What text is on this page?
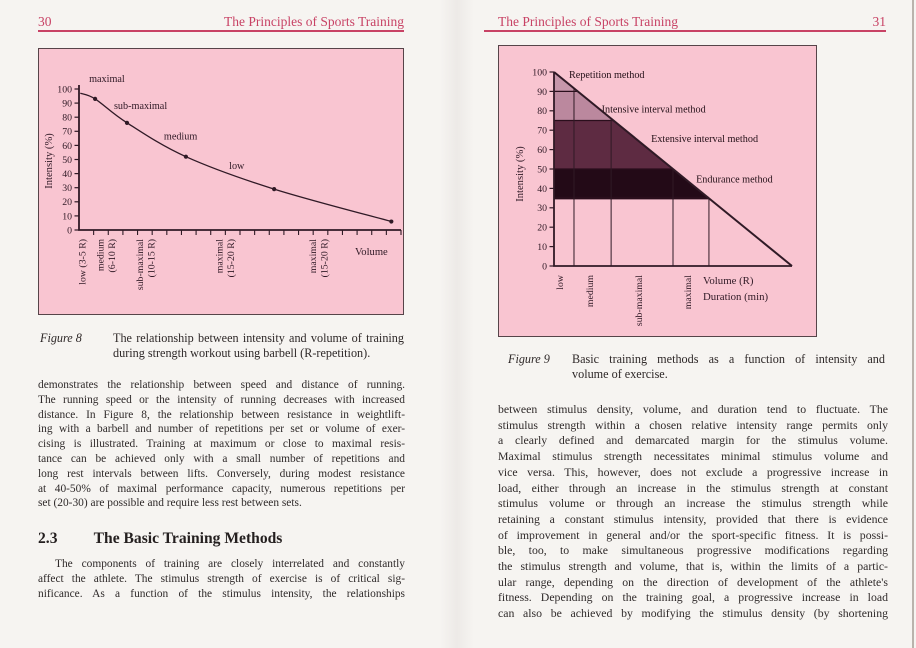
30	The Principles of Sports Training
0
10
20
30
40
50
60
70
80
90
100
maximal
sub-maximal
medium
low
low (3-5 R) medium (6-10 R) sub-maximal (10-15 R)	maximal (15-20 R)	maximal (15-20 R) Volume
Intensity (%)
Figure 8	The relationship between intensity and volume of training
during strength workout using barbell (R-repetition).
demonstrates the relationship between speed and distance of running.
The running speed or the intensity of running decreases with increased
distance. In Figure 8, the relationship between resistance in weightlift-
ing with a barbell and number of repetitions per set or volume of exer-
cising is illustrated. Training at maximum or close to maximal resis-
tance can be achieved only with a small number of repetitions and
long rest intervals between lifts. Conversely, during modest resistance
at 40-50% of maximal performance capacity, numerous repetitions per
set (20-30) are possible and require less rest between sets.
2.3 The Basic Training Methods
The components of training are closely interrelated and constantly
affect the athlete. The stimulus strength of exercise is of critical sig-
nificance. As a function of the stimulus intensity, the relationships
The Principles of Sports Training	31
0
10
20
30
40
50
60
70
80
90
100 Repetition method
Intensive interval method
Extensive interval method
Endurance method
low medium	sub-maximal	maximal Volume (R)
Duration (min)
Intensity (%)
Figure 9 Basic training methods as a function of intensity and
volume of exercise.
between stimulus density, volume, and duration tend to fluctuate. The
stimulus strength within a chosen relative intensity range permits only
a clearly defined and demarcated margin for the stimulus volume.
Maximal stimulus strength necessitates minimal stimulus volume and
vice versa. This, however, does not exclude a progressive increase in
load, either through an increase in the stimulus strength at constant
stimulus volume or through an increase the stimulus strength while
retaining a constant stimulus intensity, provided that there is evidence
of improvement in general and/or the sport-specific fitness. It is possi-
ble, too, to make simultaneous progressive modifications regarding
the stimulus strength and volume, that is, within the limits of a partic-
ular range, depending on the direction of development of the athlete's
fitness. Depending on the training goal, a progressive increase in load
can also be achieved by modifying the stimulus density (by shortening
